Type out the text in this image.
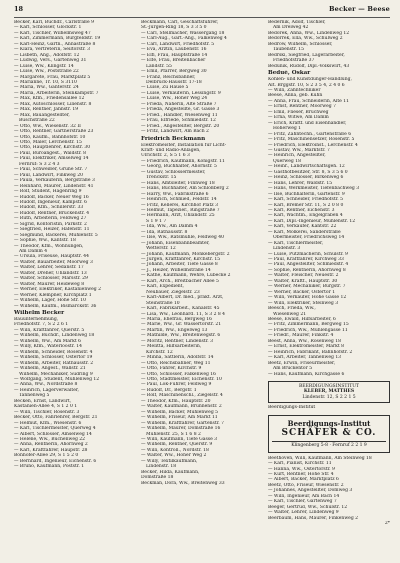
18	Becker — Beese
Becker, Karl, Buchdr., Carlstraße 9
— Karl, Schlosser, Glockstr. 1
— Karl, Tischler, Wilhelmsweg 47
— Karl, Zimmermann, Burgfeldstr. 19
— Karl-Heinz, Gärtn., Annastraße 8
— Klara, Vertreterin, Seiltorstr. 3
— Lisbeth, Ang., Adolfstr. 12
— Ludwig, Vers., Gartenweg 31
— Luise, Ww., Klingstr. 14
— Luise, Ww., Poststraße 22
— Margarete, Frau, Marktplatz 5
— Marianne, Tr. 10, S 3110
— Maria, Ww., Ganterstr. 24
— Maria, Arbeiterin, Steinkampstr. 7
— Max, Kfm., Friedensallee 12
— Max, Autoschlosser, Lilienstr. 8
— Max, Rentner, Jahnstr. 19
— Max, Bauangestellter,
Buschstraße 22
— Otto, Ww., Wiesenstr. 32 II
— Otto, Rentner, Gärtnerstraße 23
— Otto, Kaufm., Bahnhofstr. 10
— Otto, Maler, Lerchenstr. 15
— Otto, Hauptlehrer, Kirchstr. 30
— Paul, Büroangest., Waldstr. 8
— Paul, Elektriker, Amselweg 14
Fernruf: S 3 2 4 3
— Paul, Schweißer, Grüne Str. 7
— Paul, Landwirt, Finkweg 20
— Paula, Verkäuferin, Bergstraße 3
— Reinhard, Maurer, Lindenstr. 41
— Rolf, Student, Hagenring 9
— Rudolf, Bäcker, Neuer Weg 16
— Rudolf, Ingenieur, Kampstr. 6
— Rudolf, Kfm., Schillerstr. 33
— Rudolf, Rentner, Brückenstr. 4
— Ruth, Arbeiterin, Feldweg 27
— Sigrid, Kontoristin, Parkstr. 2
— Siegfried, Heizer, Hafenstr. 11
— Siegmund, Bäckerei, Mühlenstr. 5
— Sophie, Ww., Kantstr. 18
— Theodor, Kfm., Wohnungen,
Am Damm 4
— Ursula, Friseuse, Hauptstr. 44
— Walter, Bauarbeiter, Moorweg 3
— Walter, Lehrer, Sedanstr. 17
— Walter, Dreher, Uhlandstr. 13
— Walter, Schlosser, Marsstr. 29
— Walter, Maurer, Heideweg 8
— Werner, Elektriker, Kastanienweg 2
— Werner, Klempner, Kirchplatz 1
— Wilhelm, Lager, Hohe Str. 10
— Wilhelm, Kaufm., Bismarckstr. 36
Wilhelm Becker
Bauunternehmung,
Friedhofstr. 7, S 2 2 6 1
— Willi, Kraftfahrer, Querstr. 5
— Wilhelm, Buchdr., Lindenweg 18
— Wilhelm, Ww., Am Markt 6
— Willy, Kfm., Waterloostr. 14
— Wilhelm, Schneider, Rosenstr. 4
— Wilhelm, Schlosser, Ostertor 19
— Wilhelm, Arbeiter, Rathausstr. 2
— Wilhelm, Angest., Wallstr. 21
Wilhelm, Mechaniker, Südring 9
— Wolfgang, Student, Mühlenweg 12
— Anna, Ww., Nordstraße 8
— Heinrich, Lagerverwalter,
Tannenweg 5
Becken, Ernst, Landwirt,
Kastanien-Allee 4, S 1 2 0 1
— Willi, Tischler, Rosenstr. 3
Becker, Otto, Fahrlehrer, Bergstr. 21
— Helmut, Kfm., Wiesenstr. 6
— Karl, Tischlermeister, Querweg 4
— Albert, Schlosser, Amselweg 14
— Helene, Ww., Buchenweg 22
— Anna, Rentnerin, Ahornweg 2
— Karl, Kraftfahrer, Haupstr. 28
Bonhöfer-Allee 29, S 1 5 2 0
— Bernhard, Ingenieur, Eichenstr. 6
— Bruno, Kaufmann, Poststr. 1
Beckmann, Carl, Geschäftsführer,
St.-Jürgen-Ring 18, S 3 3 5 0
— Carl, Stellmacher, Wassergang 18
— Carl-Aug., Gärt.-Ang., Falkenweg 4
— Carl, Landwirt, Friedhofstr. 5
— Eva, Arztin, Laubenstr. 16
— Elfi, Frau, Hauptstraße 14
— Elfe, Frau, Breitenbacher
Landstr. 55
— Emil, Pfarrer, Bergweg 30
— Franz, Reichsbahner,
Delbrück-Hausstr. 17-18
— Luise, Zu Hause 5
— Luise, Verkäuferin, Lessingstr. 9
— Luise, Ww., Hoher Weg 24
— Frieda, Näherin, Alte Straße 7
— Frieda, Angestellte, Gr. Gasse 3
— Fried., Händler, Wiesenweg 11
— Frau, Elfriede, Schmiedstr. 12
— Fried., Angestellter, Bergstr. 20
— Fritz, Landwirt, Am Bach 2
Friedrich Beckmann
Elektromeister, Installation für Licht-
Kraft- und Radio-Anlagen,
Ulrichstr. 2, S 5 1 6 3
— Friedrich, Kaufmann, Königstr. 11
— Georg, Buchhalter, Ahornstr. 5
— Gustav, Schlossermeister,
Trenckstr. 15
— Hans, Amtsleiter, Finnweg 18
— Hans, Buchhalter, Am Schloßberg 2
— Harry, Ww., Fabrikstraße 6
— Heinrich, Schmied, Feldstr. 14
— Fritz, Kellerei, Kirchhof Platz 3
— Helmut, Tapezier., Ringstraße 7
— Hermann, Arzt, Uhlandstr. 25
S 1 9 1 7
— Ida, Ww., Am Damm 4
— Ida, Rathausstr. 8
— Ilse, Ww., Ratsmühle, Feldweg 40
— Johann, Eisenbahnbeamter,
Wetterstr. 12
— Johann, Kaufmann, Mönkebergstr. 2
— Jürgen, Kraftfahrer, Kirchstr. 15
— Johann, Arbeiter, Tiefe Gasse 8
— J., Heizer, Wilhelmstraße 14
— Käthe, Kaufmann, Wehre, Lubecke 2
— Karl, Arch., Breitbacher Allee 5
— Karl, Expedient,
Neubauer, Ziegelstr. 23
— Karl-Albert, Dr. med., prakt. Arzt,
Steinstraße 10
— Karl, Fabrikarbeit., Kanalstr. 45
— Lisa, Ww., Leonhard. 11, S 3 2 8 4
— Maria, Ehefrau, Bergweg 16
— Marie, Ww., Gr. Wassertorstr. 21
— Martin, Ww., Engelweg 13
— Mathilde, Ww., Breitenwegstr. 6
— Moritz, Rentner, Lindenstr. 3
— Melitta, Hilfsarbeiterin,
Kirchstr. 12
— Minna, Sattlerin, Adolfstr. 14
— Otto, Reichsbahner, Weg 11
— Otto, Fahrer, Kirchstr. 9
— Otto, Schlosser, Falkenweg 16
— Otto, Stadtmeister, Eichenstr. 10
— Paul, Lok-Führer, Feldweg 9
— Rudolf, Dr., Bergstr. 1
— Rolf, Maschinenschl., Ziegelstr. 4
— Theodor, Kfm., Hauptstr. 20
— Walter, Kaufmann, Brunnenstr. 2
— Wilhelm, Bäcker, Mühlenweg 5
— Wilhelm, Friseur, Am Markt 11
— Wilhelm, Kraftfahrer, Gartenstr. 7
— Wilhelm, Maurer, Domstraße 16
Mühlenstr. 25, S 1 6 8 2
— Willi, Kaufmann, Tiefe Gasse 3
— Wilhelm, Rentner, Querstr. 9
— Willi, Kontroll., Nordstr. 18
— Walter, Ww., Hoher Weg 2
— Willy, Textilkaufmann,
Lindenstr. 18
Becker, Hilda, Kaufmann,
Domstraße 18
Beckman, Dora, Ww., Breitenweg 33
Bedernik, Adolf, Tischler,
Am Dreiweg 42
Bedorek, Anna, Ww., Lindenweg 12
Bedorrek, Ella, Ww., Schulweg 2
Bedrow, Wilhelm, Schlosser,
Taubenstr. 15
Bedrski, Siegfried, Lagerarbeiter,
Friedhofstraße 37
Bedunik, Rudolf, Dipl.-Volkswirt, 43
Bedué, Oskar
Kohlen- und Kunstdünger-Handlung,
Alt. Brggstr. 10, S 2 3 5 4, 2 4 0 6
— Willi, Zahntechniker
Beese, Anna, geb. Kuhn
— Anna, Frau, Schneiderin, Alte 11
— Ernst, Rentner, Moorweg 7
— Emil, Flieser, Bruchweg
— Erna, Witwe, Am Damm
— Erich, Kraftf. und Eisenhändler,
Hoherweg 1
— Fritz, Zahntechn., Gartenstraße 6
— Fritz, Maschinensetzer, Rosenstr. 5
— Friedrich, Elektroinst., Lerchenstr. 4
— Gustav, Ww., Marktstr. 7
— Heinrich, Angestellter,
Querweg 18
— Heinr., Landwirtschaftsgeh. 12
— Gasthofbesitzer, Str. 8, S 3 5 6 0
— Heinz, Schlosser, Birkenweg 6
— Hans, Lehrer, Waldstr. 15
— Hans, Werkmeister, Tiefenbachweg 3
— Ilse, Buchhalterin, Gartenstr. 9
— Karl, Schneider, Friedhofstr. 5
— Karl, Bremer Str. 11, S 2 0 8 0
— Karl, Rentner, Eichenstr. 3
— Karl, Wachtm., Engelgraben 4
— Karl, Dipl.-Ingenieur, Mühlenstr. 12
— Karl, Verkäufer, Kantstr. 22
— Karl, Molkerei, Sanderstraße
Obermeister, Friedrichsweg 14
— Karl, Tischlermeister,
Lindenstr. 3
— Luise, Putzmacherin, Schulstr. 9
— Paul, Kraftfahrer, Kirchweg 33
— Paul, Angestellter, Schmiedstr. 4
— Sophie, Rentnerin, Ahornweg 8
— Walter, Fleischer, Neuestr. 2
— Walter, Kraftf., Hauptstr. 30
— Werner, Mechaniker, Burgstr. 7
— Werner, Bäcker, Ostertor 1
— Willi, Verkäufer, Hohe Gasse 12
— Willi, Elektriker, Steinweg 3
Beesch, Frieda, Ww.,
Wiesenweg 21
Beese, Ewald, Hilfsarbeiter, 6
— Fritz, Zimmermann, Bergweg 15
— Friedrich, Ww., Mühlengasse 11
— Friedr., Maurer, Finkstr. 4
Beest, Anna, Ww., Rosenweg 18
— Ernst, Elektromeister, Markt 8
— Heinrich, Fabrikant, Bahnhofstr. 2
— Karl, Arbeiter, Tannenweg 13
Beetz, Erwin, Friseurmeister,
Am Brückentor 5
— Hans, Kaufmann, Kirchgasse 6
BEERDIGUNGSINSTITUT
KLEBER, MATTHES
Lindenstr. 12, S 2 2 1 5
Beerdigungs-Institut
Beerdigungs-Institut
SCHÄFER & CO.
Klingenberg 5-8 · Fernruf 2 2 1 9
Beethoven, Willi, Kaufmann, Am Steinweg 18
— Karl, Pianist, Kirchstr. 11
— Hanna, Ww., Ostertorstr. 9
— Kurt, Rentner, Hohe Str. 4
— Albert, Bäcker, Marktplatz 6
Beetz, Otto, Friseur, Wiesenstr. 2
— Johannes, Angestellter, Domweg 3
— Willi, Ingenieur, Am Bach 14
— Karl, Tischler, Gartenweg 7
Beeger, Gertrud, Ww., Schulstr. 12
— Walter, Lehrer, Lindenweg 9
Beerbaum, Hans, Maurer, Finkenweg 2
2*
